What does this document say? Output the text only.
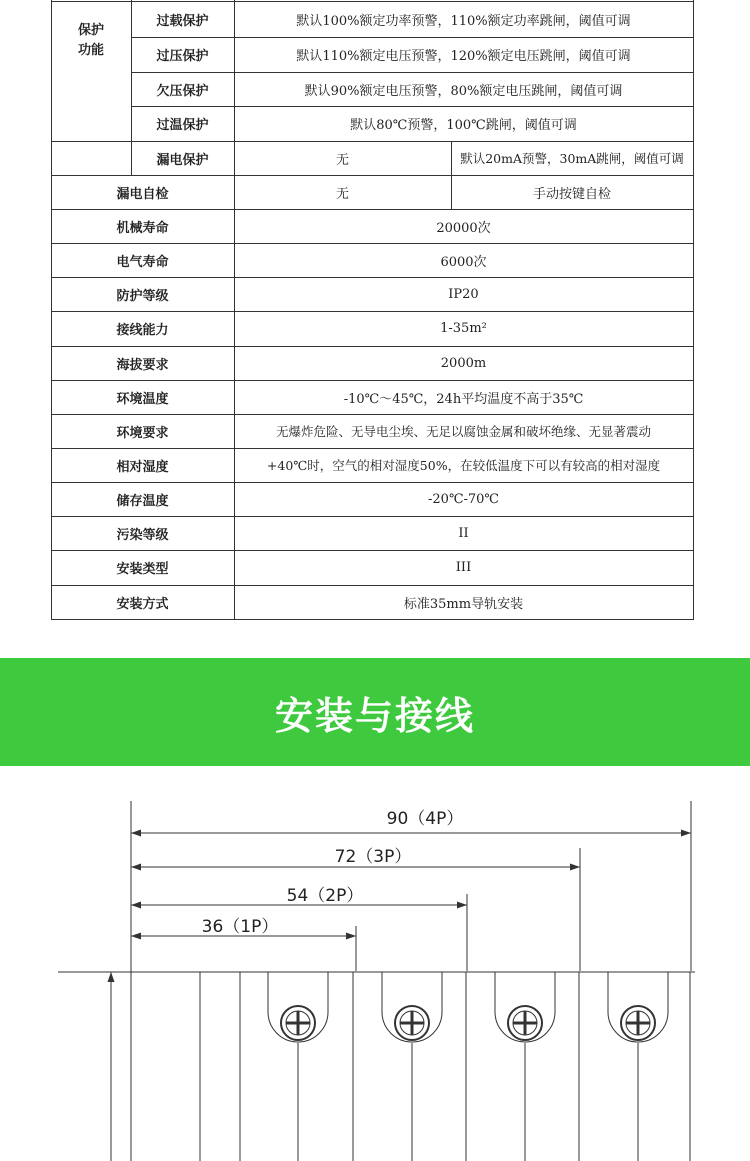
保护
功能
过载保护	默认100%额定功率预警，110%额定功率跳闸，阈值可调
过压保护	默认110%额定电压预警，120%额定电压跳闸，阈值可调
欠压保护	默认90%额定电压预警，80%额定电压跳闸，阈值可调
过温保护	默认80℃预警，100℃跳闸，阈值可调
漏电保护	无	默认20mA预警，30mA跳闸，阈值可调
漏电自检	无	手动按键自检
机械寿命	20000次
电气寿命	6000次
防护等级	IP20
接线能力	1-35m²
海拔要求	2000m
环境温度	-10℃～45℃，24h平均温度不高于35℃
环境要求	无爆炸危险、无导电尘埃、无足以腐蚀金属和破坏绝缘、无显著震动
相对湿度	+40℃时，空气的相对湿度50%，在较低温度下可以有较高的相对湿度
储存温度	-20℃-70℃
污染等级	II
安装类型	III
安装方式	标准35mm导轨安装
安装与接线
90（4P）
72（3P）
54（2P）
36（1P）
